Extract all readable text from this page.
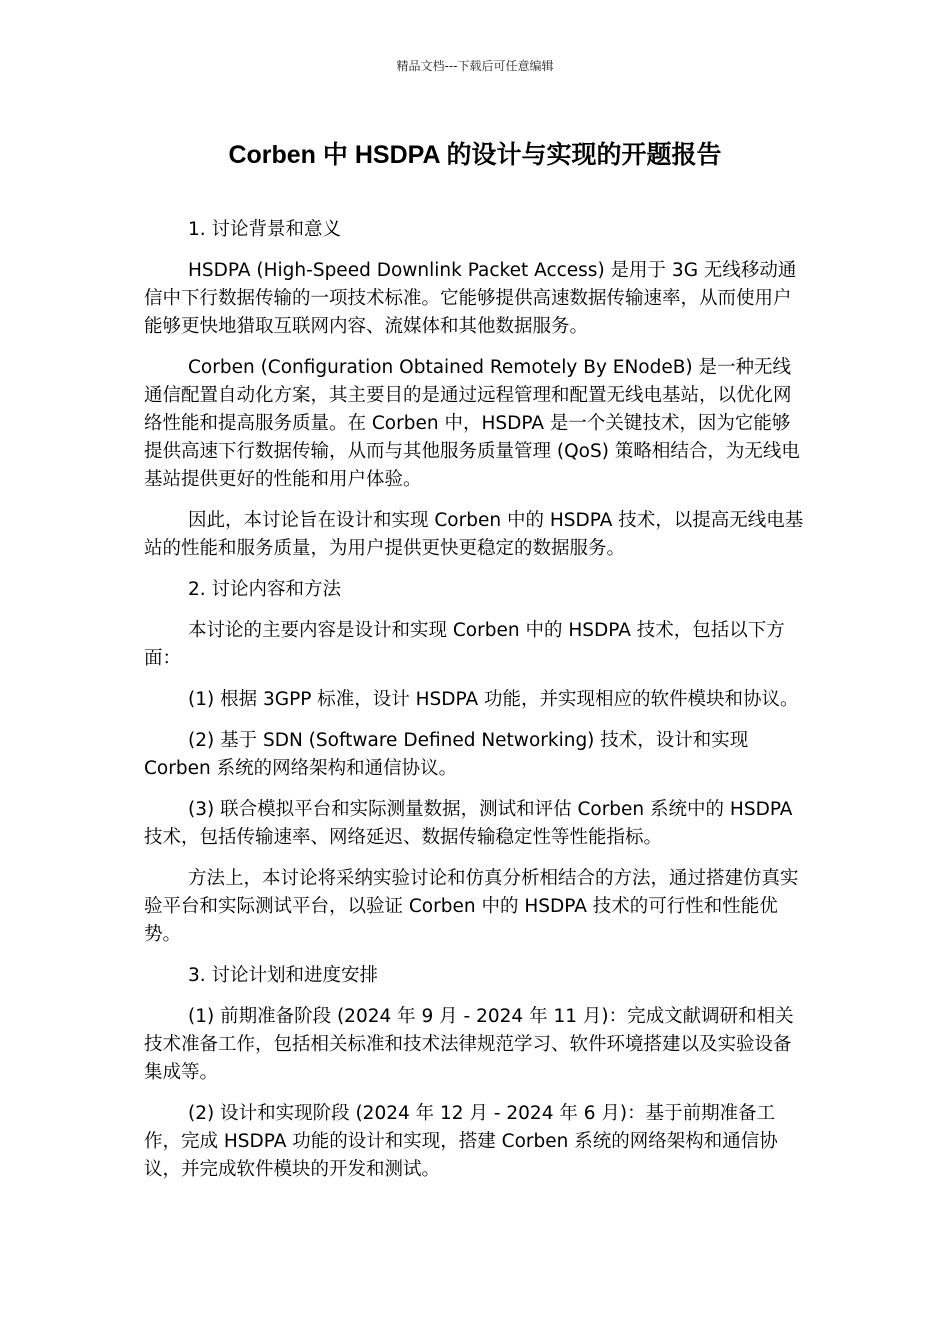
精品文档---下载后可任意编辑
Corben 中 HSDPA 的设计与实现的开题报告

1. 讨论背景和意义

HSDPA (High-Speed Downlink Packet Access) 是用于 3G 无线移动通信中下行数据传输的一项技术标准。它能够提供高速数据传输速率，从而使用户能够更快地猎取互联网内容、流媒体和其他数据服务。

Corben (Configuration Obtained Remotely By ENodeB) 是一种无线通信配置自动化方案，其主要目的是通过远程管理和配置无线电基站，以优化网络性能和提高服务质量。在 Corben 中，HSDPA 是一个关键技术，因为它能够提供高速下行数据传输，从而与其他服务质量管理 (QoS) 策略相结合，为无线电基站提供更好的性能和用户体验。

因此，本讨论旨在设计和实现 Corben 中的 HSDPA 技术，以提高无线电基站的性能和服务质量，为用户提供更快更稳定的数据服务。

2. 讨论内容和方法

本讨论的主要内容是设计和实现 Corben 中的 HSDPA 技术，包括以下方面：

(1) 根据 3GPP 标准，设计 HSDPA 功能，并实现相应的软件模块和协议。

(2) 基于 SDN (Software Defined Networking) 技术，设计和实现 Corben 系统的网络架构和通信协议。

(3) 联合模拟平台和实际测量数据，测试和评估 Corben 系统中的 HSDPA 技术，包括传输速率、网络延迟、数据传输稳定性等性能指标。

方法上，本讨论将采纳实验讨论和仿真分析相结合的方法，通过搭建仿真实验平台和实际测试平台，以验证 Corben 中的 HSDPA 技术的可行性和性能优势。

3. 讨论计划和进度安排

(1) 前期准备阶段 (2024 年 9 月 - 2024 年 11 月)：完成文献调研和相关技术准备工作，包括相关标准和技术法律规范学习、软件环境搭建以及实验设备集成等。

(2) 设计和实现阶段 (2024 年 12 月 - 2024 年 6 月)：基于前期准备工作，完成 HSDPA 功能的设计和实现，搭建 Corben 系统的网络架构和通信协议，并完成软件模块的开发和测试。
